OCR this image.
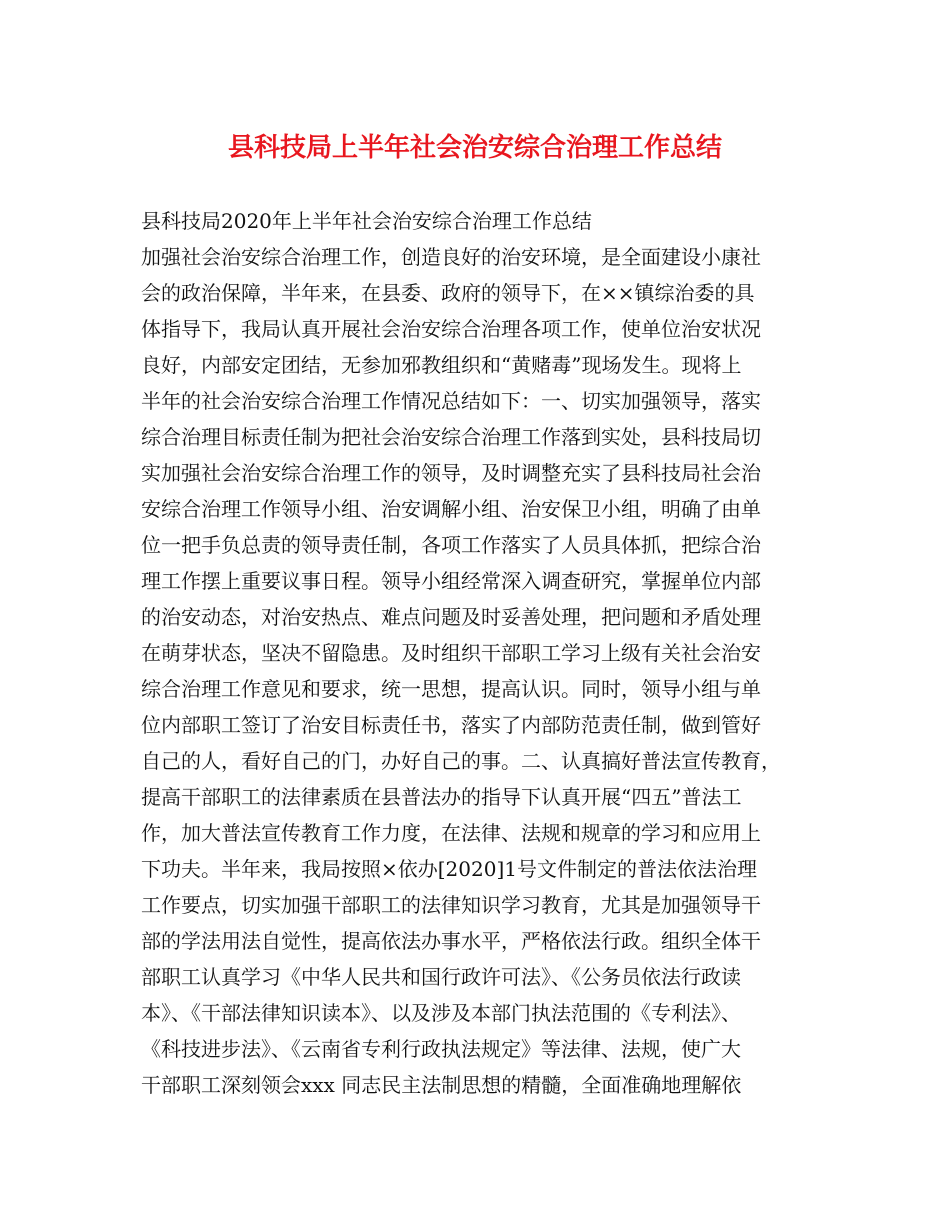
县科技局上半年社会治安综合治理工作总结

县科技局2020年上半年社会治安综合治理工作总结

加强社会治安综合治理工作，创造良好的治安环境，是全面建设小康社
会的政治保障，半年来，在县委、政府的领导下，在××镇综治委的具
体指导下，我局认真开展社会治安综合治理各项工作，使单位治安状况
良好，内部安定团结，无参加邪教组织和“黄赌毒”现场发生。现将上
半年的社会治安综合治理工作情况总结如下：一、切实加强领导，落实
综合治理目标责任制为把社会治安综合治理工作落到实处，县科技局切
实加强社会治安综合治理工作的领导，及时调整充实了县科技局社会治
安综合治理工作领导小组、治安调解小组、治安保卫小组，明确了由单
位一把手负总责的领导责任制，各项工作落实了人员具体抓，把综合治
理工作摆上重要议事日程。领导小组经常深入调查研究，掌握单位内部
的治安动态，对治安热点、难点问题及时妥善处理，把问题和矛盾处理
在萌芽状态，坚决不留隐患。及时组织干部职工学习上级有关社会治安
综合治理工作意见和要求，统一思想，提高认识。同时，领导小组与单
位内部职工签订了治安目标责任书，落实了内部防范责任制，做到管好
自己的人，看好自己的门，办好自己的事。二、认真搞好普法宣传教育，
提高干部职工的法律素质在县普法办的指导下认真开展“四五”普法工
作，加大普法宣传教育工作力度，在法律、法规和规章的学习和应用上
下功夫。半年来，我局按照×依办[2020]1号文件制定的普法依法治理
工作要点，切实加强干部职工的法律知识学习教育，尤其是加强领导干
部的学法用法自觉性，提高依法办事水平，严格依法行政。组织全体干
部职工认真学习《中华人民共和国行政许可法》、《公务员依法行政读
本》、《干部法律知识读本》、以及涉及本部门执法范围的《专利法》、
《科技进步法》、《云南省专利行政执法规定》等法律、法规，使广大
干部职工深刻领会xxx 同志民主法制思想的精髓，全面准确地理解依
